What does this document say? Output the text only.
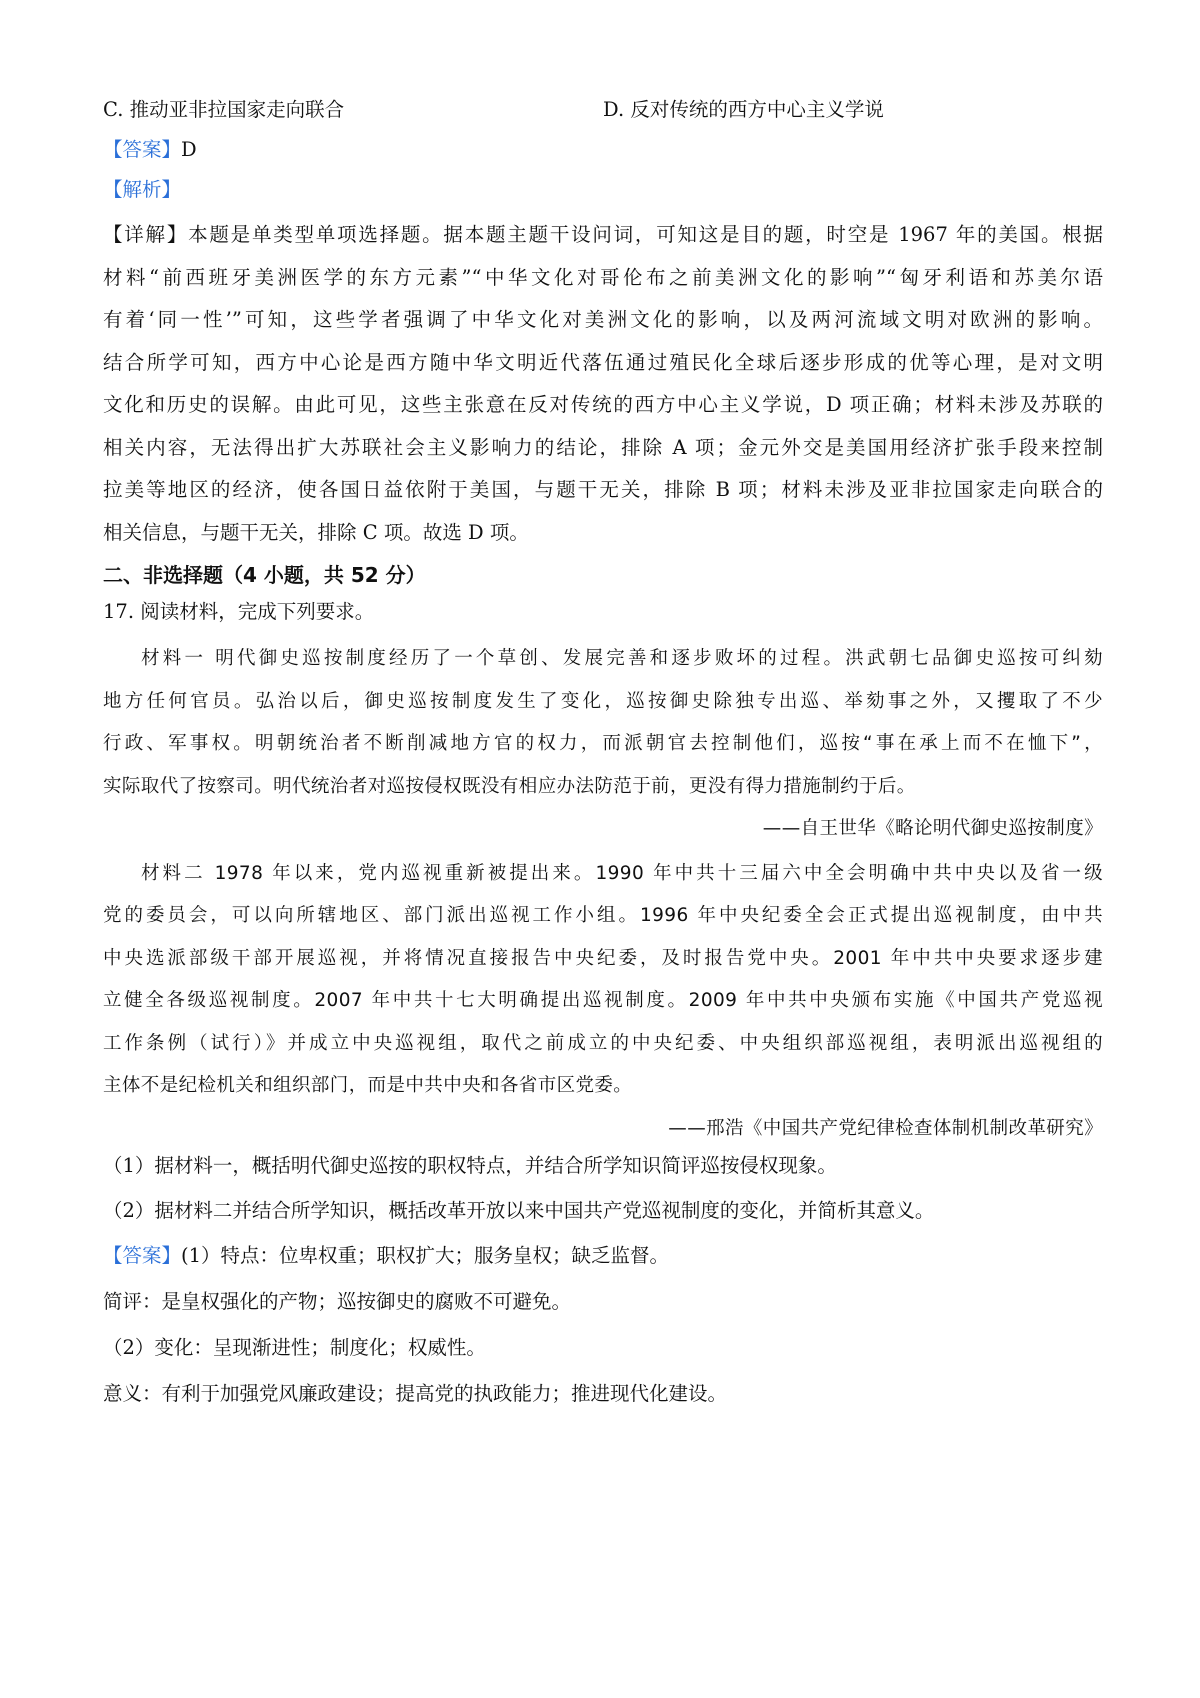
C. 推动亚非拉国家走向联合	D. 反对传统的西方中心主义学说
【答案】D
【解析】

【详解】本题是单类型单项选择题。据本题主题干设问词，可知这是目的题，时空是 1967 年的美国。根据

材料“前西班牙美洲医学的东方元素”“中华文化对哥伦布之前美洲文化的影响”“匈牙利语和苏美尔语

有着‘同一性’”可知，这些学者强调了中华文化对美洲文化的影响，以及两河流域文明对欧洲的影响。

结合所学可知，西方中心论是西方随中华文明近代落伍通过殖民化全球后逐步形成的优等心理，是对文明

文化和历史的误解。由此可见，这些主张意在反对传统的西方中心主义学说，D 项正确；材料未涉及苏联的

相关内容，无法得出扩大苏联社会主义影响力的结论，排除 A 项；金元外交是美国用经济扩张手段来控制

拉美等地区的经济，使各国日益依附于美国，与题干无关，排除 B 项；材料未涉及亚非拉国家走向联合的

相关信息，与题干无关，排除 C 项。故选 D 项。

二、非选择题（4 小题，共 52 分）
17. 阅读材料，完成下列要求。

材料一 明代御史巡按制度经历了一个草创、发展完善和逐步败坏的过程。洪武朝七品御史巡按可纠劾

地方任何官员。弘治以后，御史巡按制度发生了变化，巡按御史除独专出巡、举劾事之外，又攫取了不少

行政、军事权。明朝统治者不断削减地方官的权力，而派朝官去控制他们，巡按“事在承上而不在恤下”，

实际取代了按察司。明代统治者对巡按侵权既没有相应办法防范于前，更没有得力措施制约于后。

——自王世华《略论明代御史巡按制度》

材料二 1978 年以来，党内巡视重新被提出来。1990 年中共十三届六中全会明确中共中央以及省一级

党的委员会，可以向所辖地区、部门派出巡视工作小组。1996 年中央纪委全会正式提出巡视制度，由中共

中央选派部级干部开展巡视，并将情况直接报告中央纪委，及时报告党中央。2001 年中共中央要求逐步建

立健全各级巡视制度。2007 年中共十七大明确提出巡视制度。2009 年中共中央颁布实施《中国共产党巡视

工作条例（试行）》并成立中央巡视组，取代之前成立的中央纪委、中央组织部巡视组，表明派出巡视组的

主体不是纪检机关和组织部门，而是中共中央和各省市区党委。

——邢浩《中国共产党纪律检查体制机制改革研究》
（1）据材料一，概括明代御史巡按的职权特点，并结合所学知识简评巡按侵权现象。
（2）据材料二并结合所学知识，概括改革开放以来中国共产党巡视制度的变化，并简析其意义。
【答案】(1）特点：位卑权重；职权扩大；服务皇权；缺乏监督。
简评：是皇权强化的产物；巡按御史的腐败不可避免。
（2）变化：呈现渐进性；制度化；权威性。
意义：有利于加强党风廉政建设；提高党的执政能力；推进现代化建设。
